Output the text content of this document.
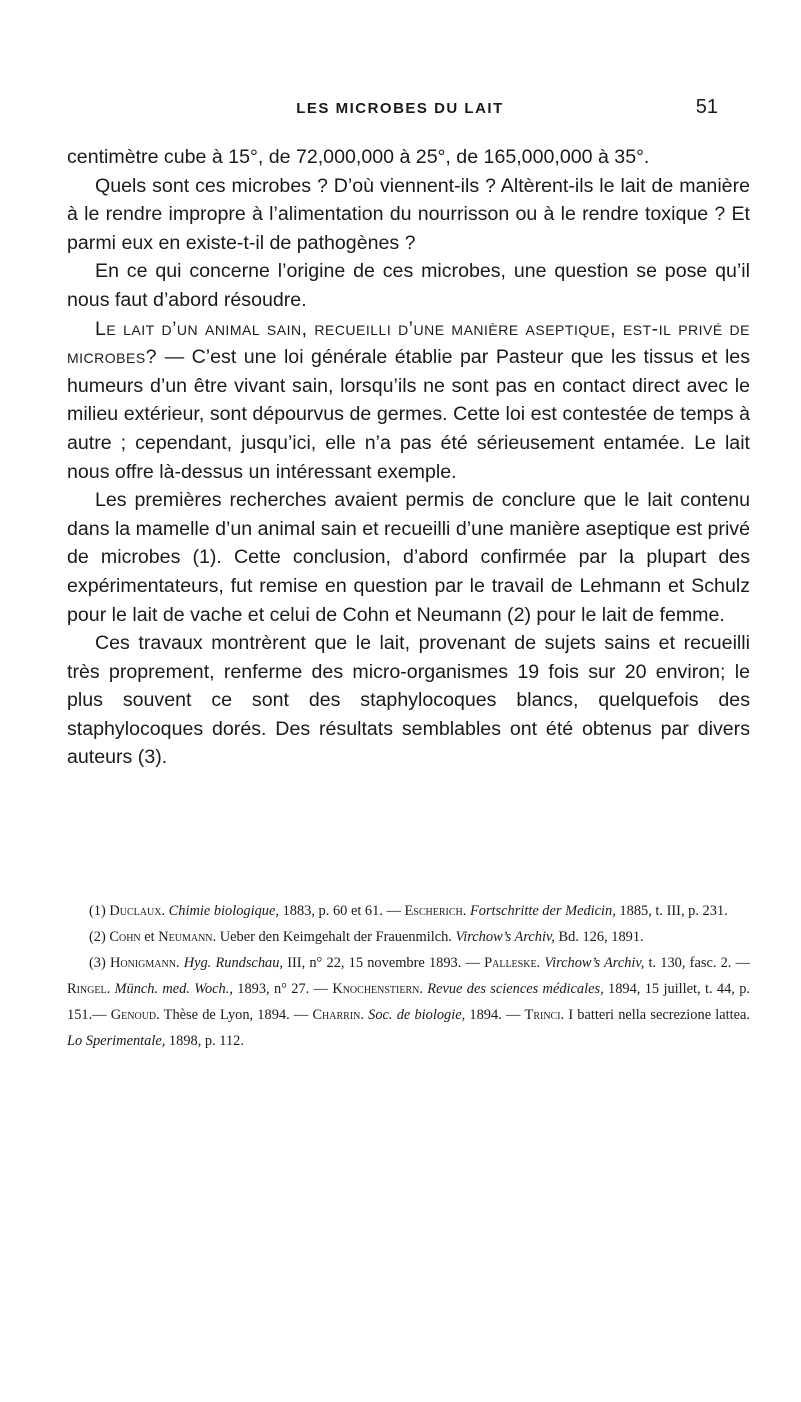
LES MICROBES DU LAIT	51

centimètre cube à 15°, de 72,000,000 à 25°, de 165,000,000 à 35°.

Quels sont ces microbes ? D’où viennent-ils ? Altèrent-ils le lait de manière à le rendre impropre à l’alimentation du nourrisson ou à le rendre toxique ? Et parmi eux en existe-t-il de pathogènes ?

En ce qui concerne l’origine de ces microbes, une question se pose qu’il nous faut d’abord résoudre.

Le lait d’un animal sain, recueilli d’une manière aseptique, est-il privé de microbes? — C’est une loi générale établie par Pasteur que les tissus et les humeurs d’un être vivant sain, lorsqu’ils ne sont pas en contact direct avec le milieu extérieur, sont dépourvus de germes. Cette loi est contestée de temps à autre ; cependant, jusqu’ici, elle n’a pas été sérieusement entamée. Le lait nous offre là-dessus un intéressant exemple.

Les premières recherches avaient permis de conclure que le lait contenu dans la mamelle d’un animal sain et recueilli d’une manière aseptique est privé de microbes (1). Cette conclusion, d’abord confirmée par la plupart des expérimentateurs, fut remise en question par le travail de Lehmann et Schulz pour le lait de vache et celui de Cohn et Neumann (2) pour le lait de femme.

Ces travaux montrèrent que le lait, provenant de sujets sains et recueilli très proprement, renferme des micro-organismes 19 fois sur 20 environ; le plus souvent ce sont des staphylocoques blancs, quelquefois des staphylocoques dorés. Des résultats semblables ont été obtenus par divers auteurs (3).

(1) Duclaux. Chimie biologique, 1883, p. 60 et 61. — Escherich. Fortschritte der Medicin, 1885, t. III, p. 231.

(2) Cohn et Neumann. Ueber den Keimgehalt der Frauenmilch. Virchow’s Archiv, Bd. 126, 1891.

(3) Honigmann. Hyg. Rundschau, III, n° 22, 15 novembre 1893. — Palleske. Virchow’s Archiv, t. 130, fasc. 2. — Ringel. Münch. med. Woch., 1893, n° 27. — Knochenstiern. Revue des sciences médicales, 1894, 15 juillet, t. 44, p. 151.— Genoud. Thèse de Lyon, 1894. — Charrin. Soc. de biologie, 1894. — Trinci. I batteri nella secrezione lattea. Lo Sperimentale, 1898, p. 112.
